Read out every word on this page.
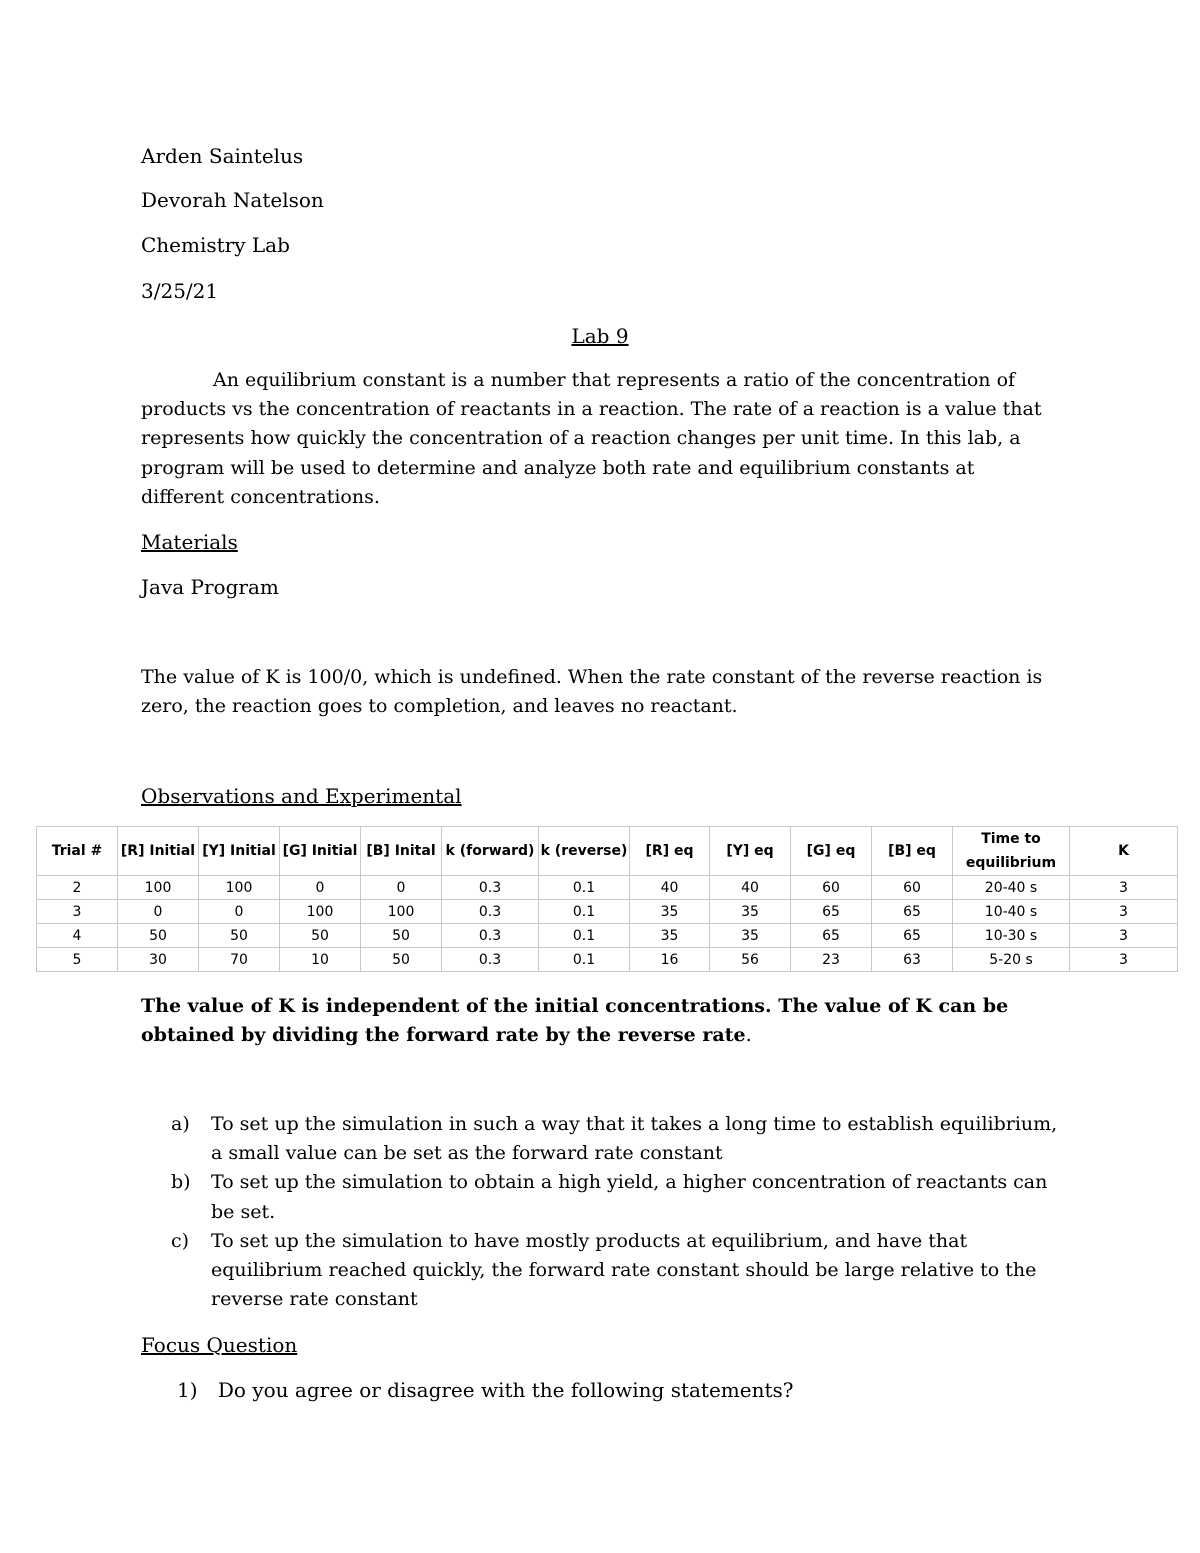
Arden Saintelus
Devorah Natelson
Chemistry Lab
3/25/21
Lab 9
An equilibrium constant is a number that represents a ratio of the concentration of products vs the concentration of reactants in a reaction. The rate of a reaction is a value that represents how quickly the concentration of a reaction changes per unit time. In this lab, a program will be used to determine and analyze both rate and equilibrium constants at different concentrations.
Materials
Java Program
The value of K is 100/0, which is undefined. When the rate constant of the reverse reaction is zero, the reaction goes to completion, and leaves no reactant.
Observations and Experimental
Trial #	[R] Initial	[Y] Initial	[G] Initial	[B] Inital	k (forward)	k (reverse)	[R] eq	[Y] eq	[G] eq	[B] eq	Time to equilibrium	K
2	100	100	0	0	0.3	0.1	40	40	60	60	20-40 s	3
3	0	0	100	100	0.3	0.1	35	35	65	65	10-40 s	3
4	50	50	50	50	0.3	0.1	35	35	65	65	10-30 s	3
5	30	70	10	50	0.3	0.1	16	56	23	63	5-20 s	3
The value of K is independent of the initial concentrations. The value of K can be obtained by dividing the forward rate by the reverse rate.
a) To set up the simulation in such a way that it takes a long time to establish equilibrium, a small value can be set as the forward rate constant
b) To set up the simulation to obtain a high yield, a higher concentration of reactants can be set.
c) To set up the simulation to have mostly products at equilibrium, and have that equilibrium reached quickly, the forward rate constant should be large relative to the reverse rate constant
Focus Question
1) Do you agree or disagree with the following statements?
